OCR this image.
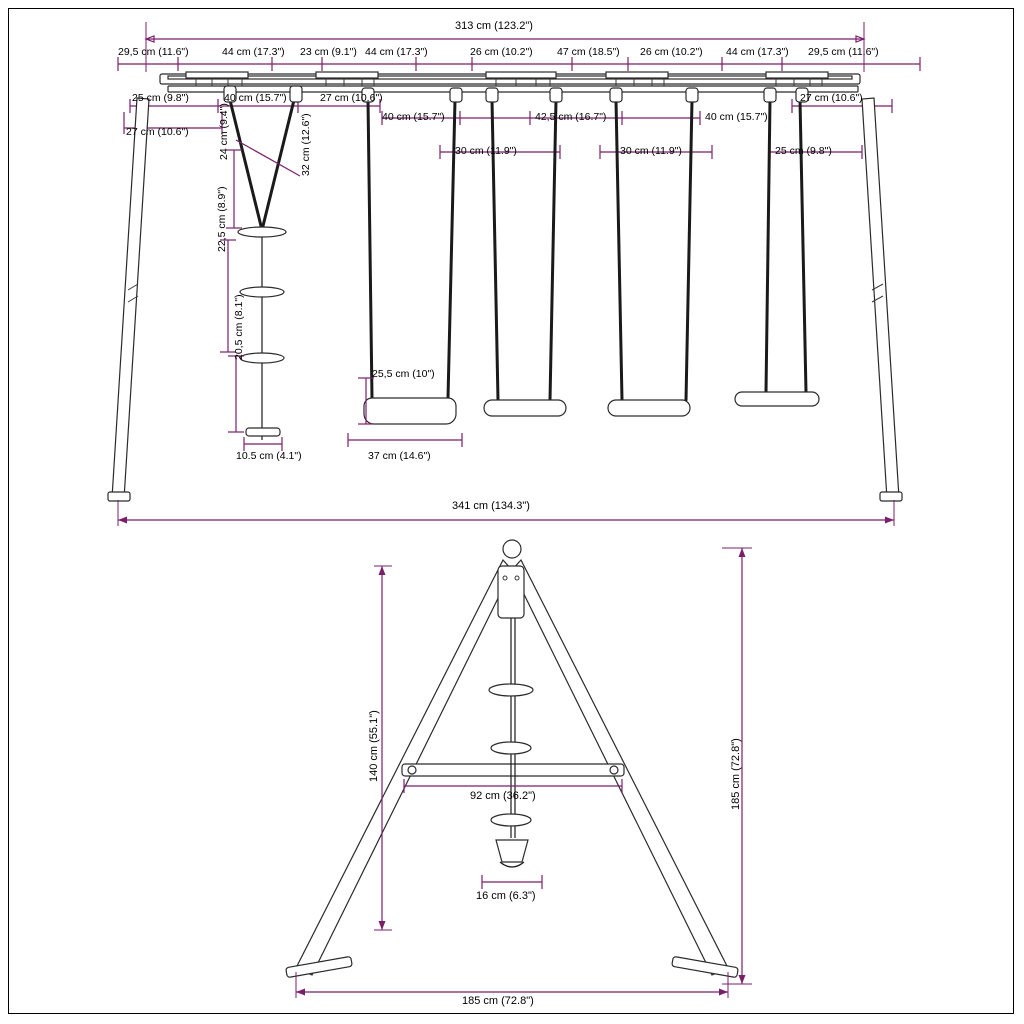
313 cm (123.2")
29,5 cm (11.6")	44 cm (17.3") 23 cm (9.1") 44 cm (17.3")	26 cm (10.2") 47 cm (18.5") 26 cm (10.2") 44 cm (17.3") 29,5 cm (11.6")
25 cm (9.8")	40 cm (15.7")	27 cm (10.6")	27 cm (10.6")
27 cm (10.6")
40 cm (15.7")	42,5 cm (16.7")	40 cm (15.7")
25 cm (9.8")
30 cm (11.9")	30 cm (11.9")
24 cm (9.4")	32 cm (12.6")
22,5 cm (8.9")
20,5 cm (8.1")
10.5 cm (4.1")
25,5 cm (10")
37 cm (14.6")
341 cm (134.3")
140 cm (55.1")	185 cm (72.8")
92 cm (36.2")
16 cm (6.3")
185 cm (72.8")
